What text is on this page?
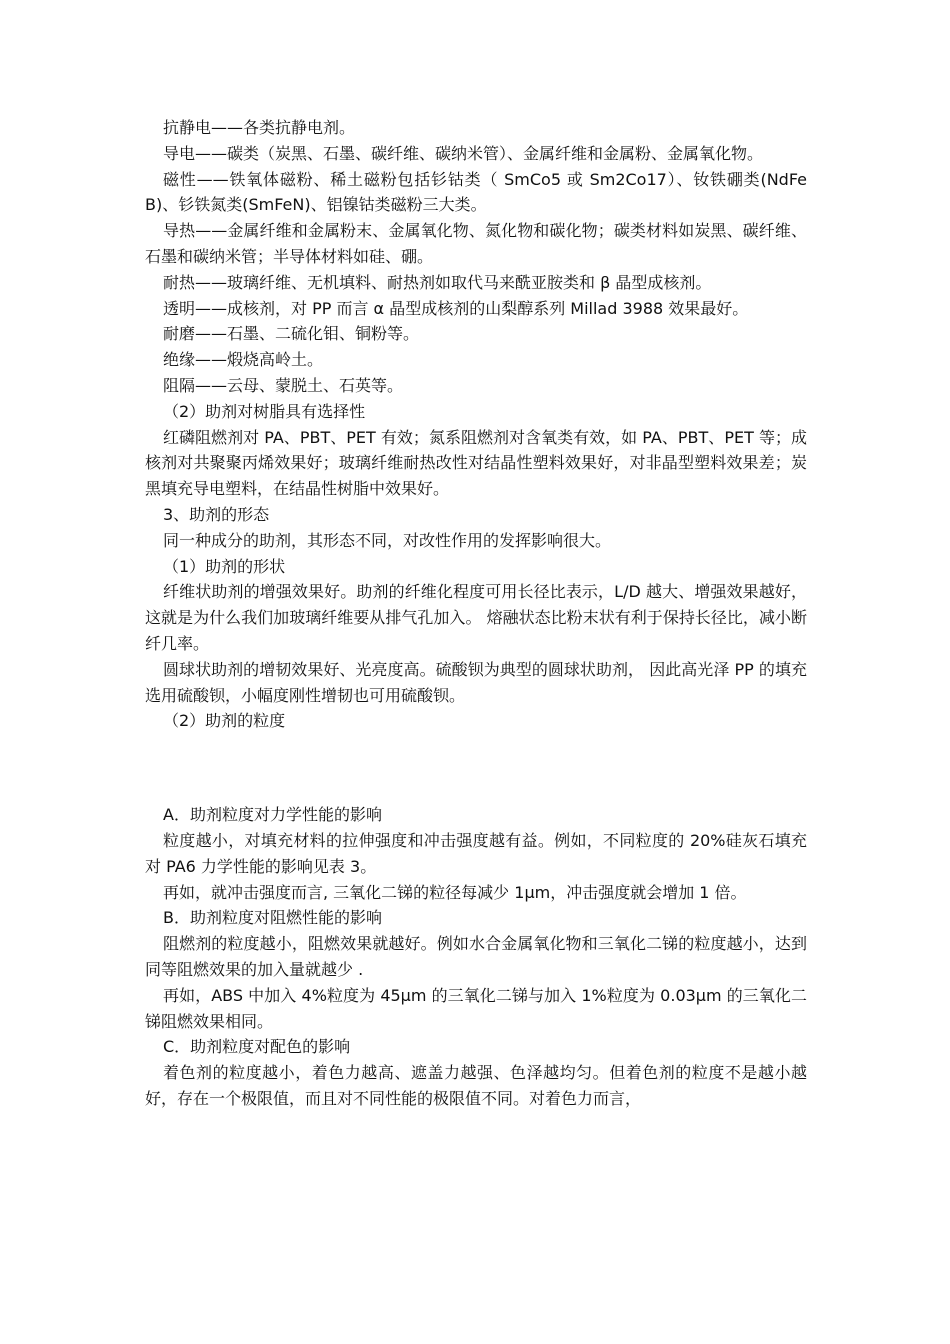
抗静电——各类抗静电剂。

导电——碳类（炭黑、石墨、碳纤维、碳纳米管）、金属纤维和金属粉、金属氧化物。

磁性——铁氧体磁粉、稀土磁粉包括钐钴类（ SmCo5 或 Sm2Co17）、钕铁硼类(NdFeB)、钐铁氮类(SmFeN)、铝镍钴类磁粉三大类。

导热——金属纤维和金属粉末、金属氧化物、氮化物和碳化物；碳类材料如炭黑、碳纤维、石墨和碳纳米管；半导体材料如硅、硼。

耐热——玻璃纤维、无机填料、耐热剂如取代马来酰亚胺类和 β 晶型成核剂。

透明——成核剂，对 PP 而言 α 晶型成核剂的山梨醇系列 Millad 3988 效果最好。

耐磨——石墨、二硫化钼、铜粉等。

绝缘——煅烧高岭土。

阻隔——云母、蒙脱土、石英等。

（2）助剂对树脂具有选择性

红磷阻燃剂对 PA、PBT、PET 有效；氮系阻燃剂对含氧类有效，如 PA、PBT、PET 等；成核剂对共聚聚丙烯效果好；玻璃纤维耐热改性对结晶性塑料效果好，对非晶型塑料效果差；炭黑填充导电塑料，在结晶性树脂中效果好。

3、助剂的形态

同一种成分的助剂，其形态不同，对改性作用的发挥影响很大。

（1）助剂的形状

纤维状助剂的增强效果好。助剂的纤维化程度可用长径比表示，L/D 越大、增强效果越好，这就是为什么我们加玻璃纤维要从排气孔加入。 熔融状态比粉末状有利于保持长径比，减小断纤几率。

圆球状助剂的增韧效果好、光亮度高。硫酸钡为典型的圆球状助剂， 因此高光泽 PP 的填充选用硫酸钡，小幅度刚性增韧也可用硫酸钡。

（2）助剂的粒度

A．助剂粒度对力学性能的影响

粒度越小，对填充材料的拉伸强度和冲击强度越有益。例如，不同粒度的 20%硅灰石填充对 PA6 力学性能的影响见表 3。

再如，就冲击强度而言, 三氧化二锑的粒径每减少 1μm，冲击强度就会增加 1 倍。

B．助剂粒度对阻燃性能的影响

阻燃剂的粒度越小，阻燃效果就越好。例如水合金属氧化物和三氧化二锑的粒度越小，达到同等阻燃效果的加入量就越少 .

再如，ABS 中加入 4%粒度为 45μm 的三氧化二锑与加入 1%粒度为 0.03μm 的三氧化二锑阻燃效果相同。

C．助剂粒度对配色的影响

着色剂的粒度越小，着色力越高、遮盖力越强、色泽越均匀。但着色剂的粒度不是越小越好，存在一个极限值，而且对不同性能的极限值不同。对着色力而言，
